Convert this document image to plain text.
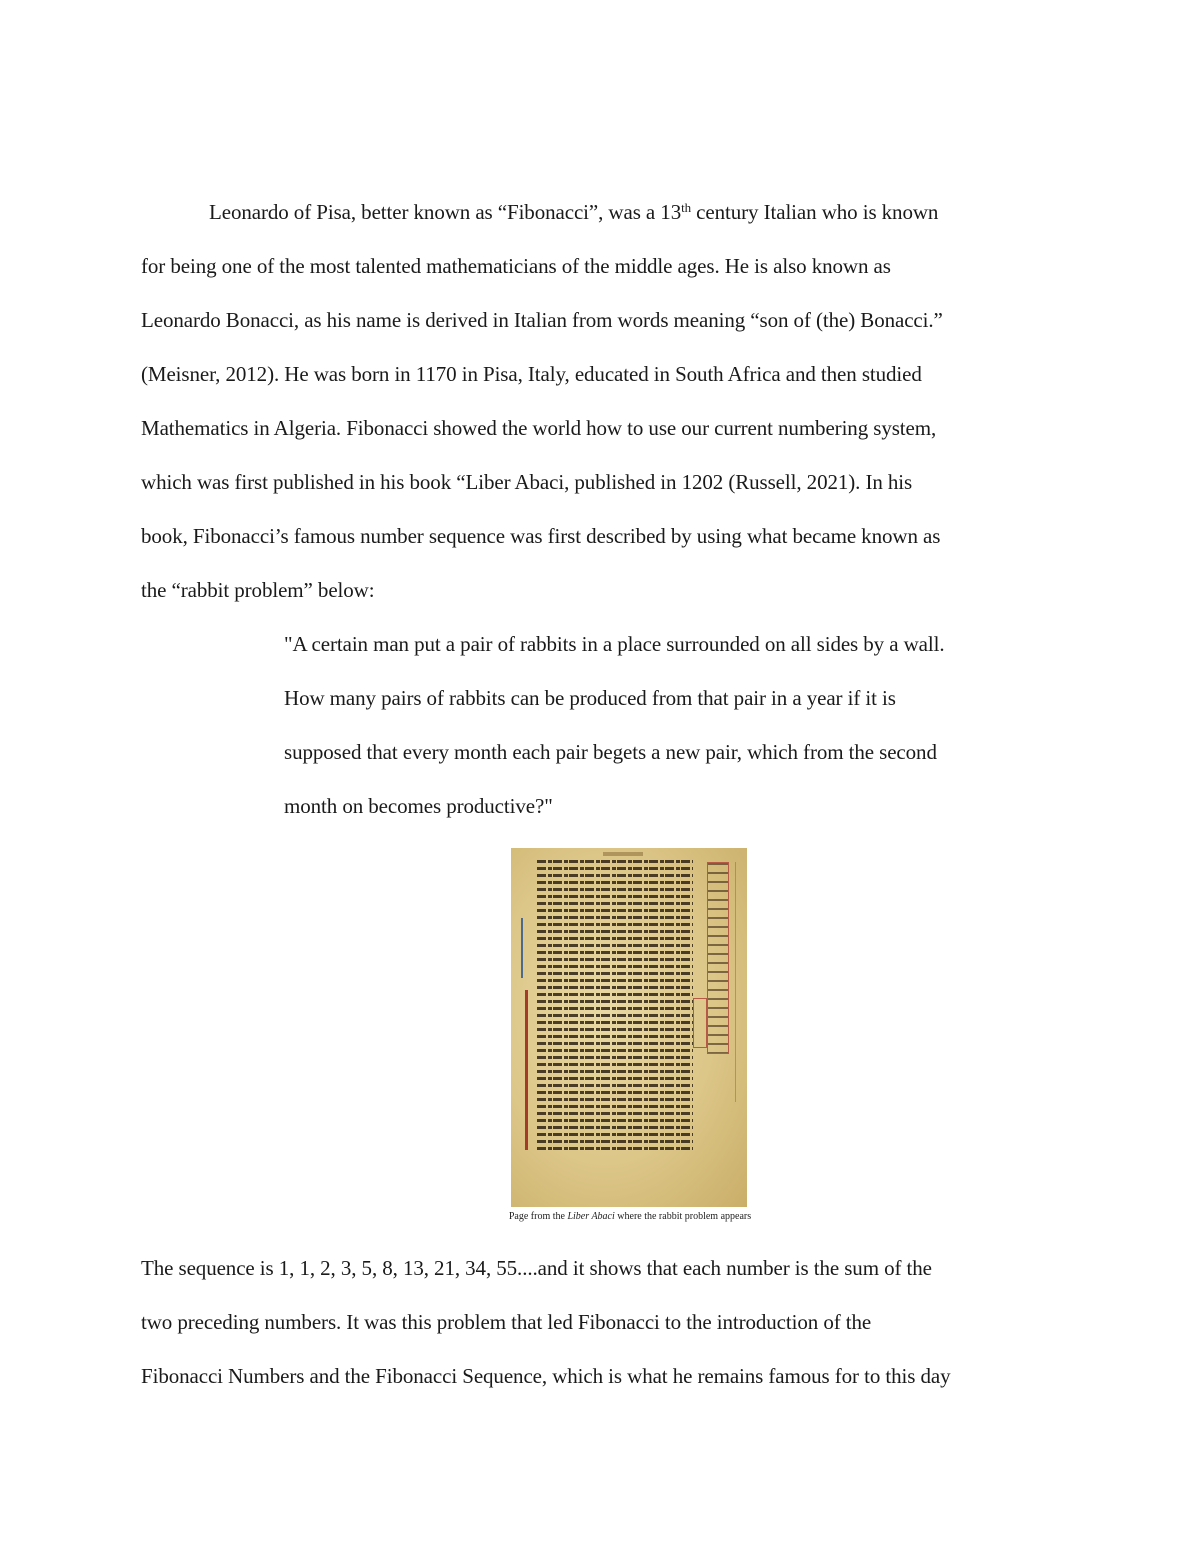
Leonardo of Pisa, better known as “Fibonacci”, was a 13th century Italian who is known
for being one of the most talented mathematicians of the middle ages. He is also known as
Leonardo Bonacci, as his name is derived in Italian from words meaning “son of (the) Bonacci.”
(Meisner, 2012). He was born in 1170 in Pisa, Italy, educated in South Africa and then studied
Mathematics in Algeria. Fibonacci showed the world how to use our current numbering system,
which was first published in his book “Liber Abaci, published in 1202 (Russell, 2021). In his
book, Fibonacci’s famous number sequence was first described by using what became known as
the “rabbit problem” below:
"A certain man put a pair of rabbits in a place surrounded on all sides by a wall.
How many pairs of rabbits can be produced from that pair in a year if it is
supposed that every month each pair begets a new pair, which from the second
month on becomes productive?"
Page from the Liber Abaci where the rabbit problem appears
The sequence is 1, 1, 2, 3, 5, 8, 13, 21, 34, 55....and it shows that each number is the sum of the
two preceding numbers. It was this problem that led Fibonacci to the introduction of the
Fibonacci Numbers and the Fibonacci Sequence, which is what he remains famous for to this day
